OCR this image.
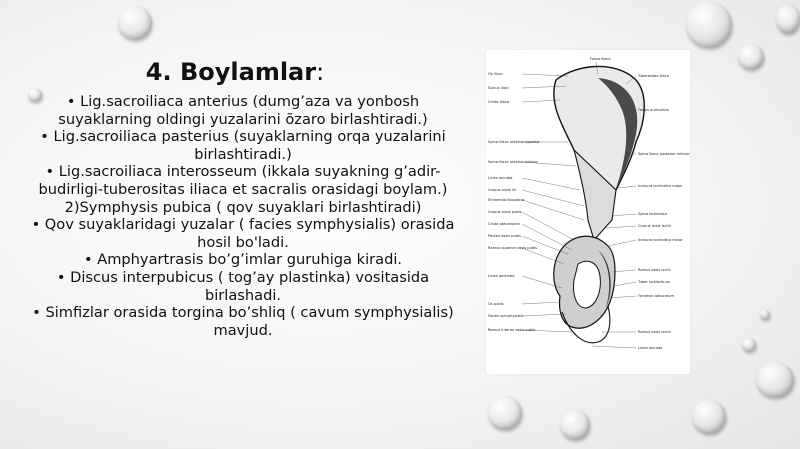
4. Boylamlar:

• Lig.sacroiliaca anterius (dumg’aza va yonbosh suyaklarning oldingi yuzalarini õzaro birlashtiradi.)

• Lig.sacroiliaca pasterius (suyaklarning orqa yuzalarini birlashtiradi.)

• Lig.sacroiliaca interosseum (ikkala suyakning g’adir-budirligi-tuberositas iliaca et sacralis orasidagi boylam.)

2)Symphysis pubica ( qov suyaklari birlashtiradi)

• Qov suyaklaridagi yuzalar ( facies symphysialis) orasida hosil bo'ladi.

• Amphyartrasis bo’g’imlar guruhiga kiradi.

• Discus interpubicus ( tog’ay plastinka) vositasida birlashadi.

• Simfizlar orasida torgina bo’shliq ( cavum symphysialis) mavjud.

Os ilium
Sulcus iliaci
Crista iliaca
Spina iliaca anterior superior
Spina iliaca anterior inferior
Linea arcuata
Corpus ossis ilii
Eminentia iliopubica
Corpus ossis pubis
Crista obturatoria
Pecten ossis pubis
Ramus superior ossis pubis
Linea pectinea
Os pubis
Facies symphysialis
Ramus inferior ossis pubis
Fossa iliaca
Tuberositas iliaca
Facies auricularis
Spina iliaca posterior inferior
Incisura ischiadica major
Spina ischiadica
Corpus ossis ischii
Incisura ischiadica minor
Ramus ossis ischii
Tuber ischiadicum
Foramen obturatum
Ramus ossis ischii
Linea arcuata
